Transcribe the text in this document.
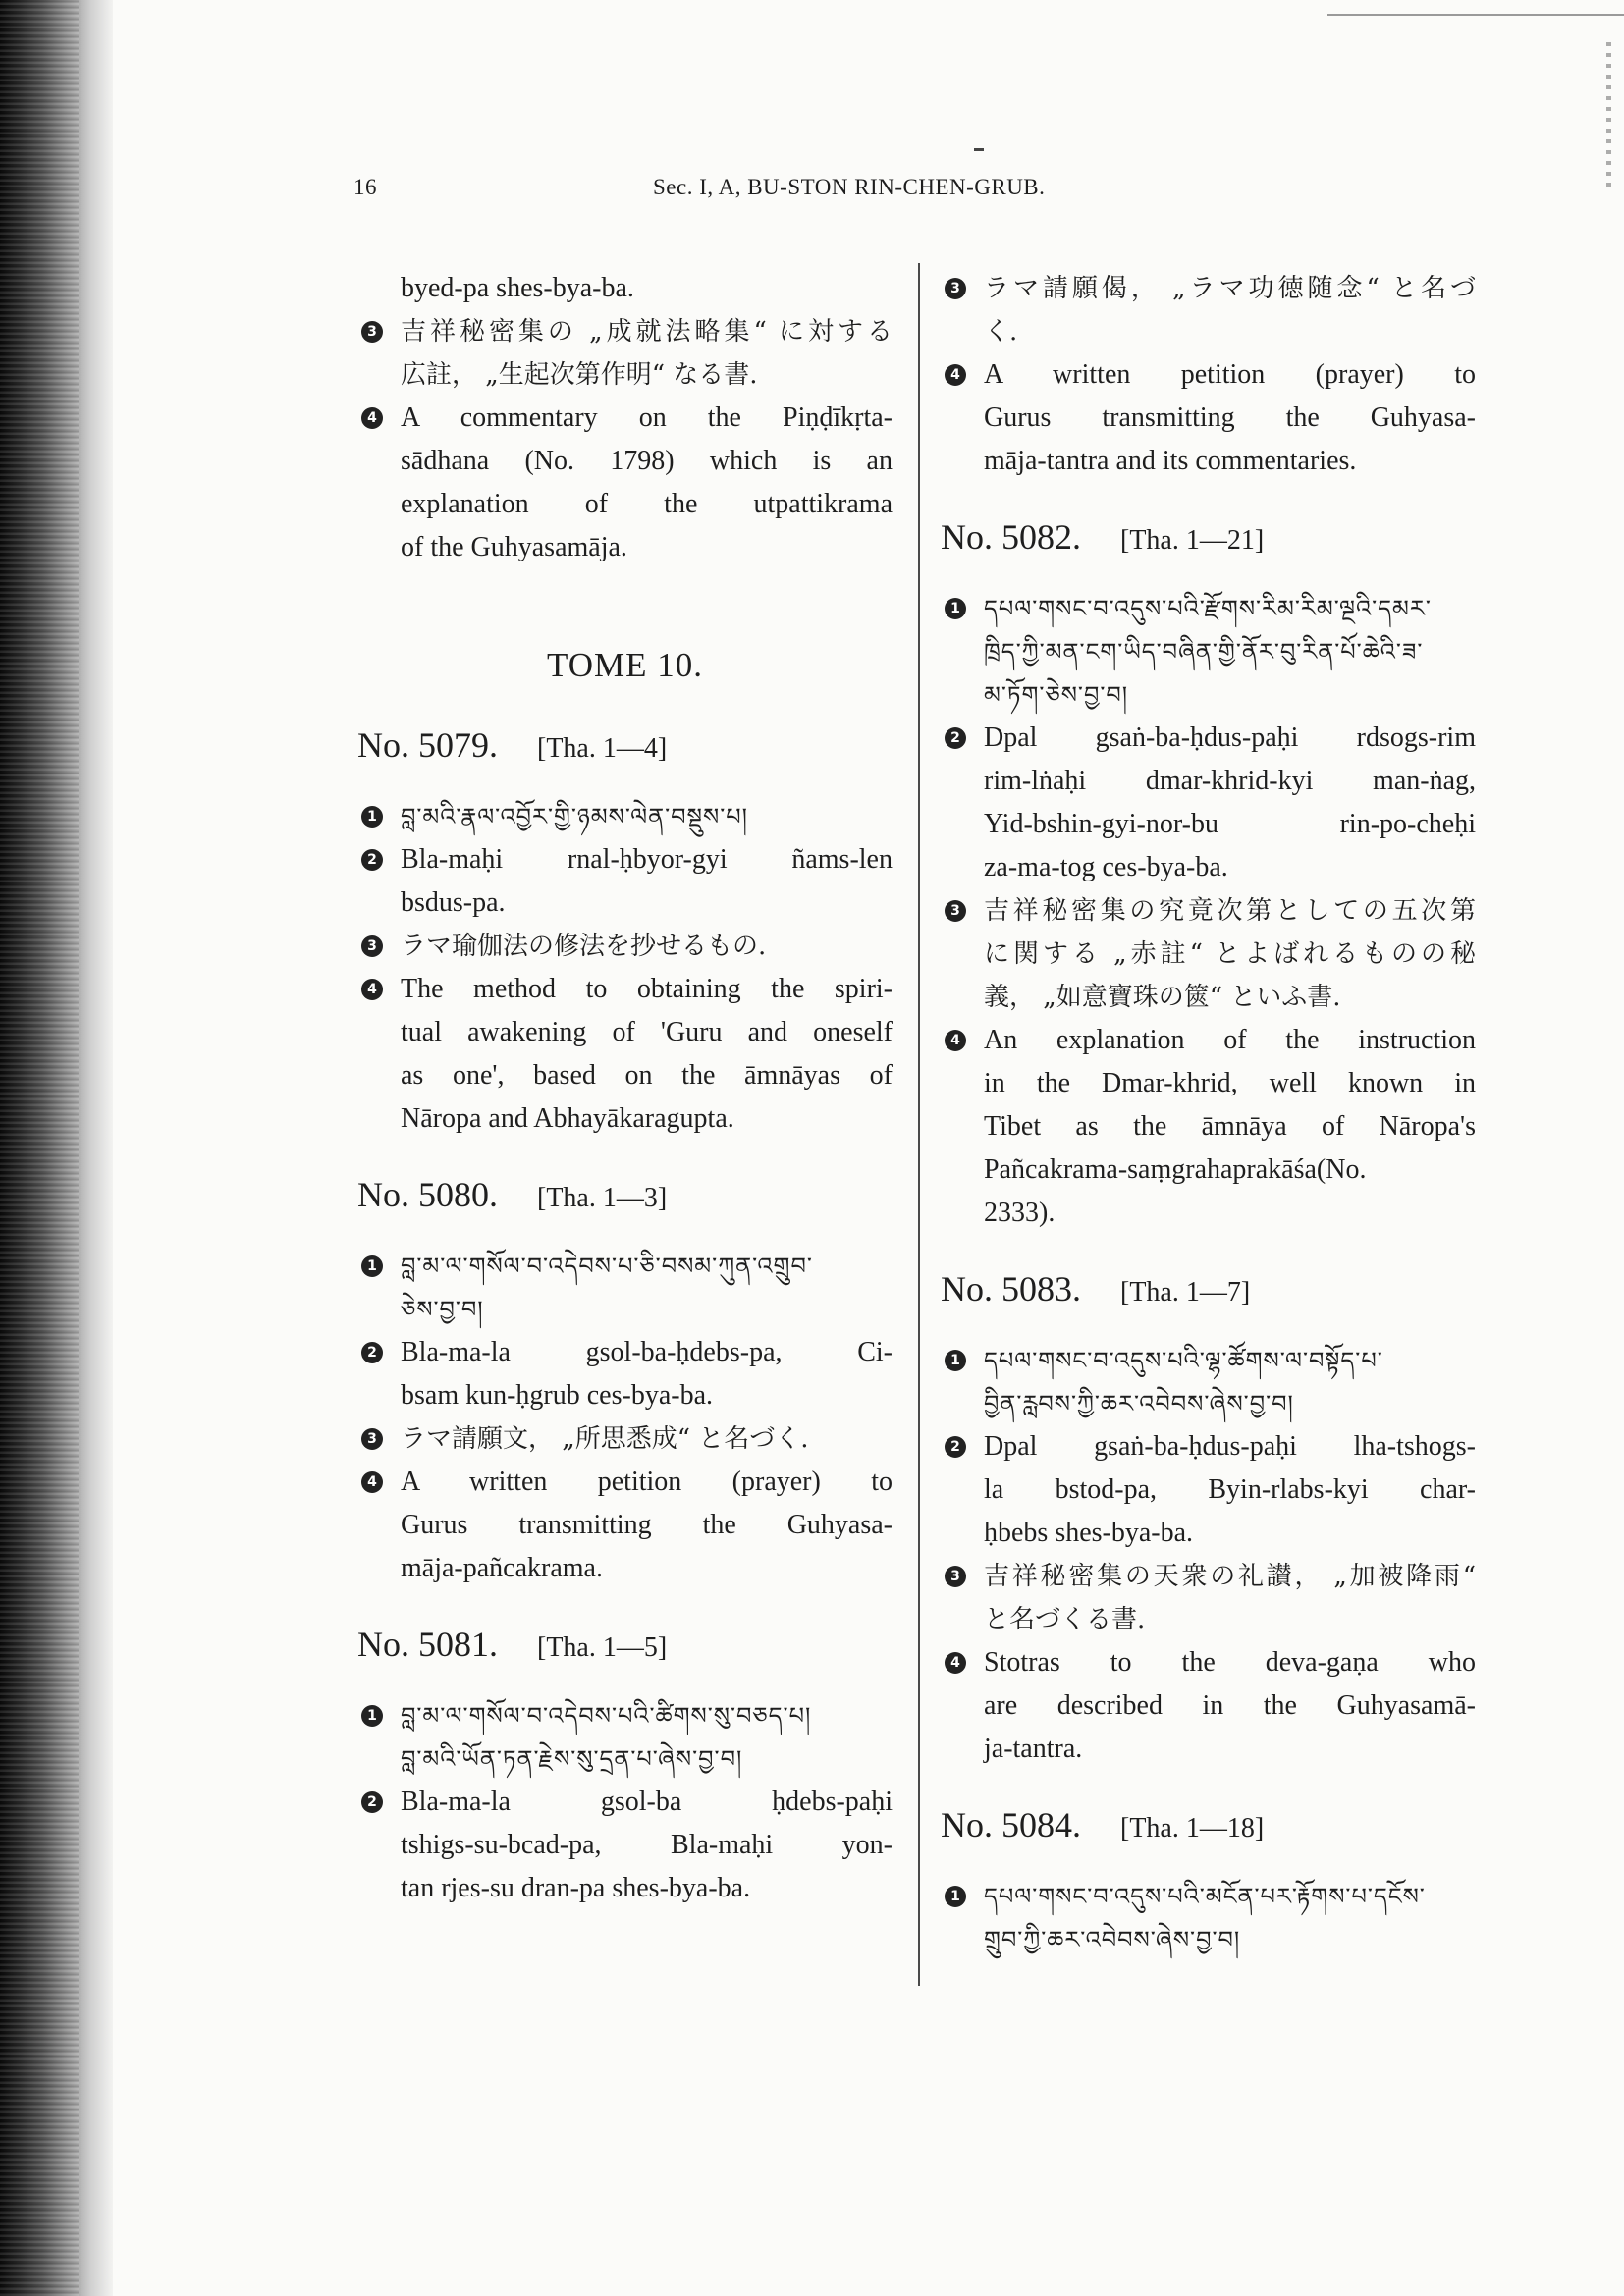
16	Sec. I, A, BU-STON RIN-CHEN-GRUB.
byed-pa shes-bya-ba.
3 吉祥秘密集の „成就法略集“ に対する
広註， „生起次第作明“ なる書.
4 A commentary on the Piṇḍīkṛta-
sādhana (No. 1798) which is an
explanation of the utpattikrama
of the Guhyasamāja.
TOME 10.
No. 5079. [Tha. 1—4]
1 བླ་མའི་རྣལ་འབྱོར་གྱི་ཉམས་ལེན་བསྡུས་པ།
2 Bla-maḥi rnal-ḥbyor-gyi ñams-len
bsdus-pa.
3 ラマ瑜伽法の修法を抄せるもの.
4 The method to obtaining the spiri-
tual awakening of 'Guru and oneself
as one', based on the āmnāyas of
Nāropa and Abhayākaragupta.
No. 5080. [Tha. 1—3]
1 བླ་མ་ལ་གསོལ་བ་འདེབས་པ་ཅི་བསམ་ཀུན་འགྲུབ་
ཅེས་བྱ་བ།
2 Bla-ma-la gsol-ba-ḥdebs-pa, Ci-
bsam kun-ḥgrub ces-bya-ba.
3 ラマ請願文， „所思悉成“ と名づく.
4 A written petition (prayer) to
Gurus transmitting the Guhyasa-
māja-pañcakrama.
No. 5081. [Tha. 1—5]
1 བླ་མ་ལ་གསོལ་བ་འདེབས་པའི་ཚིགས་སུ་བཅད་པ།
བླ་མའི་ཡོན་ཏན་རྗེས་སུ་དྲན་པ་ཞེས་བྱ་བ།
2 Bla-ma-la gsol-ba ḥdebs-paḥi
tshigs-su-bcad-pa, Bla-maḥi yon-
tan rjes-su dran-pa shes-bya-ba.
3 ラマ請願偈， „ラマ功徳随念“ と名づ
く.
4 A written petition (prayer) to
Gurus transmitting the Guhyasa-
māja-tantra and its commentaries.
No. 5082. [Tha. 1—21]
1 དཔལ་གསང་བ་འདུས་པའི་རྫོགས་རིམ་རིམ་ལྔའི་དམར་
ཁྲིད་ཀྱི་མན་ངག་ཡིད་བཞིན་གྱི་ནོར་བུ་རིན་པོ་ཆེའི་ཟ་
མ་ཏོག་ཅེས་བྱ་བ།
2 Dpal gsaṅ-ba-ḥdus-paḥi rdsogs-rim
rim-lṅaḥi dmar-khrid-kyi man-ṅag,
Yid-bshin-gyi-nor-bu rin-po-cheḥi
za-ma-tog ces-bya-ba.
3 吉祥秘密集の究竟次第としての五次第
に関する „赤註“ とよばれるものの秘
義， „如意寶珠の篋“ といふ書.
4 An explanation of the instruction
in the Dmar-khrid, well known in
Tibet as the āmnāya of Nāropa's
Pañcakrama-saṃgrahaprakāśa(No.
2333).
No. 5083. [Tha. 1—7]
1 དཔལ་གསང་བ་འདུས་པའི་ལྷ་ཚོགས་ལ་བསྟོད་པ་
བྱིན་རླབས་ཀྱི་ཆར་འབེབས་ཞེས་བྱ་བ།
2 Dpal gsaṅ-ba-ḥdus-paḥi lha-tshogs-
la bstod-pa, Byin-rlabs-kyi char-
ḥbebs shes-bya-ba.
3 吉祥秘密集の天衆の礼讃， „加被降雨“
と名づくる書.
4 Stotras to the deva-gaṇa who
are described in the Guhyasamā-
ja-tantra.
No. 5084. [Tha. 1—18]
1 དཔལ་གསང་བ་འདུས་པའི་མངོན་པར་རྟོགས་པ་དངོས་
གྲུབ་ཀྱི་ཆར་འབེབས་ཞེས་བྱ་བ།
